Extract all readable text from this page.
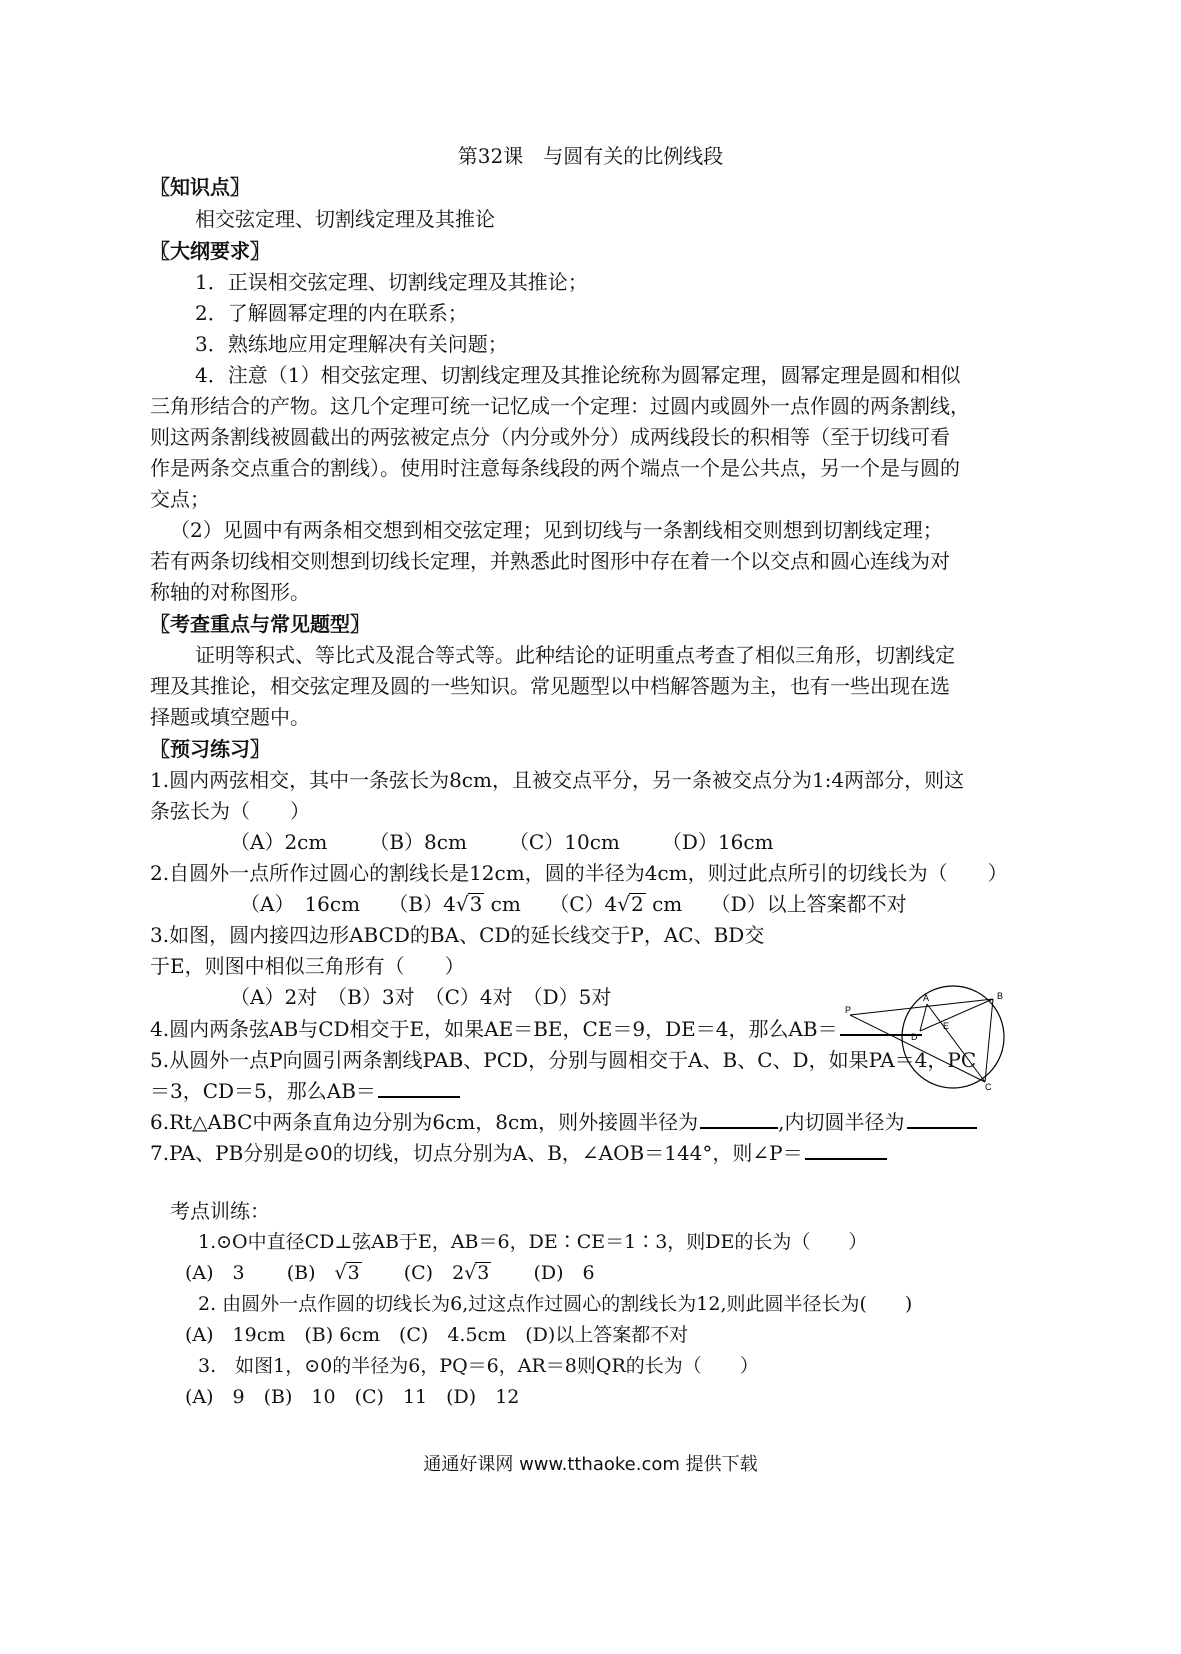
第32课　与圆有关的比例线段
〖知识点〗
相交弦定理、切割线定理及其推论
〖大纲要求〗
1．正误相交弦定理、切割线定理及其推论；
2．了解圆幂定理的内在联系；
3．熟练地应用定理解决有关问题；
4．注意（1）相交弦定理、切割线定理及其推论统称为圆幂定理，圆幂定理是圆和相似
三角形结合的产物。这几个定理可统一记忆成一个定理：过圆内或圆外一点作圆的两条割线，
则这两条割线被圆截出的两弦被定点分（内分或外分）成两线段长的积相等（至于切线可看
作是两条交点重合的割线）。使用时注意每条线段的两个端点一个是公共点，另一个是与圆的
交点；
（2）见圆中有两条相交想到相交弦定理；见到切线与一条割线相交则想到切割线定理；
若有两条切线相交则想到切线长定理，并熟悉此时图形中存在着一个以交点和圆心连线为对
称轴的对称图形。
〖考查重点与常见题型〗
证明等积式、等比式及混合等式等。此种结论的证明重点考查了相似三角形，切割线定
理及其推论，相交弦定理及圆的一些知识。常见题型以中档解答题为主，也有一些出现在选
择题或填空题中。
〖预习练习〗
1.圆内两弦相交，其中一条弦长为8cm，且被交点平分，另一条被交点分为1:4两部分，则这
条弦长为（　　）
（A）2cm （B）8cm （C）10cm （D）16cm
2.自圆外一点所作过圆心的割线长是12cm，圆的半径为4cm，则过此点所引的切线长为（　　）
（A）　16cm （B）4√3 cm （C）4√2 cm （D）以上答案都不对
3.如图，圆内接四边形ABCD的BA、CD的延长线交于P，AC、BD交
于E，则图中相似三角形有（　　）
（A）2对　（B）3对　（C）4对　（D）5对
P
A	B
D
E
C
4.圆内两条弦AB与CD相交于E，如果AE＝BE，CE＝9，DE＝4，那么AB＝
5.从圆外一点P向圆引两条割线PAB、PCD，分别与圆相交于A、B、C、D，如果PA＝4，PC
＝3，CD＝5，那么AB＝
6.Rt△ABC中两条直角边分别为6cm，8cm，则外接圆半径为	,内切圆半径为
7.PA、PB分别是⊙0的切线，切点分别为A、B，∠AOB＝144°，则∠P＝
考点训练：
1.⊙O中直径CD⊥弦AB于E，AB＝6，DE∶CE＝1∶3，则DE的长为（　　）
(A)　3 (B)　√3 (C)　2√3 (D)　6
2. 由圆外一点作圆的切线长为6,过这点作过圆心的割线长为12,则此圆半径长为(　　)
(A)　19cm　(B) 6cm　(C)　4.5cm　(D)以上答案都不对
3.　如图1，⊙0的半径为6，PQ＝6，AR＝8则QR的长为（　　）
(A)　9　(B)　10　(C)　11　(D)　12
通通好课网 www.tthaoke.com 提供下载
